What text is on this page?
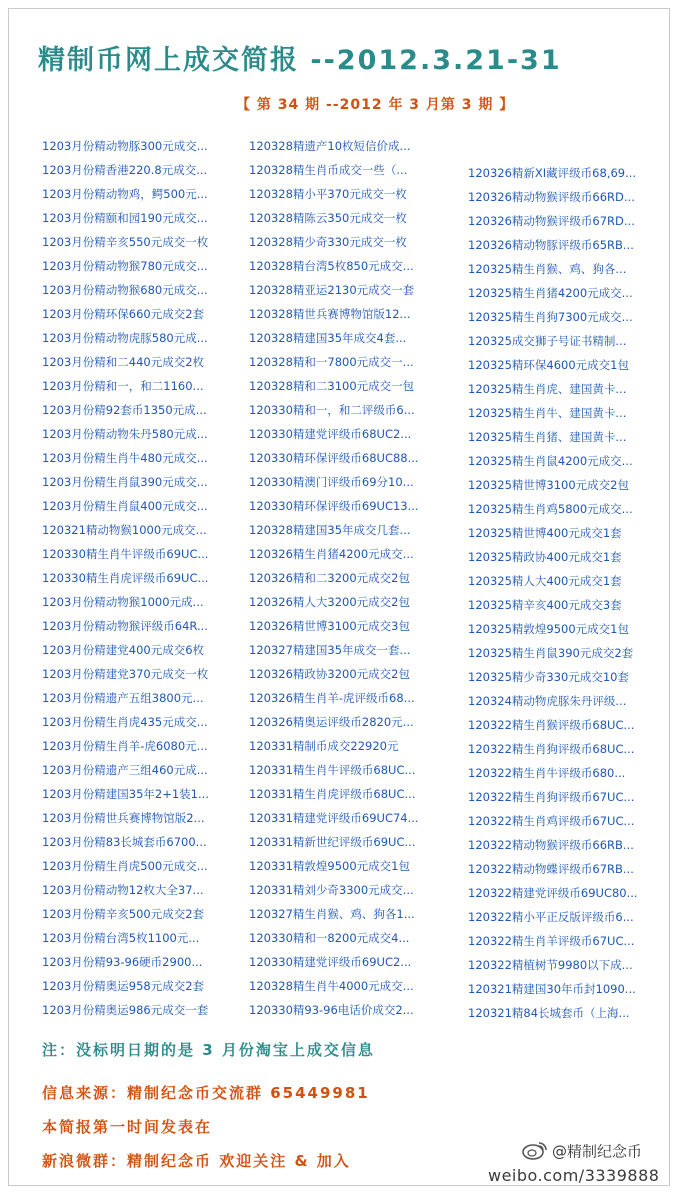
精制币网上成交简报 --2012.3.21-31
【 第 34 期 --2012 年 3 月第 3 期 】
1203月份精动物豚300元成交...
1203月份精香港220.8元成交...
1203月份精动物鸡，鳄500元...
1203月份精颐和园190元成交...
1203月份精辛亥550元成交一枚
1203月份精动物猴780元成交...
1203月份精动物猴680元成交...
1203月份精环保660元成交2套
1203月份精动物虎豚580元成...
1203月份精和二440元成交2枚
1203月份精和一，和二1160...
1203月份精92套币1350元成...
1203月份精动物朱丹580元成...
1203月份精生肖牛480元成交...
1203月份精生肖鼠390元成交...
1203月份精生肖鼠400元成交...
120321精动物猴1000元成交...
120330精生肖牛评级币69UC...
120330精生肖虎评级币69UC...
1203月份精动物猴1000元成...
1203月份精动物猴评级币64R...
1203月份精建党400元成交6枚
1203月份精建党370元成交一枚
1203月份精遗产五组3800元...
1203月份精生肖虎435元成交...
1203月份精生肖羊-虎6080元...
1203月份精遗产三组460元成...
1203月份精建国35年2+1装1...
1203月份精世兵赛博物馆版2...
1203月份精83长城套币6700...
1203月份精生肖虎500元成交...
1203月份精动物12枚大全37...
1203月份精辛亥500元成交2套
1203月份精台湾5枚1100元...
1203月份精93-96硬币2900...
1203月份精奥运958元成交2套
1203月份精奥运986元成交一套
120328精遗产10枚短信价成...
120328精生肖币成交一些（...
120328精小平370元成交一枚
120328精陈云350元成交一枚
120328精少奇330元成交一枚
120328精台湾5枚850元成交...
120328精亚运2130元成交一套
120328精世兵赛博物馆版12...
120328精建国35年成交4套...
120328精和一7800元成交一...
120328精和二3100元成交一包
120330精和一，和二评级币6...
120330精建党评级币68UC2...
120330精环保评级币68UC88...
120330精澳门评级币69分10...
120330精环保评级币69UC13...
120328精建国35年成交几套...
120326精生肖猪4200元成交...
120326精和二3200元成交2包
120326精人大3200元成交2包
120326精世博3100元成交3包
120327精建国35年成交一套...
120326精政协3200元成交2包
120326精生肖羊-虎评级币68...
120326精奥运评级币2820元...
120331精制币成交22920元
120331精生肖牛评级币68UC...
120331精生肖虎评级币68UC...
120331精建党评级币69UC74...
120331精新世纪评级币69UC...
120331精敦煌9500元成交1包
120331精刘少奇3300元成交...
120327精生肖猴、鸡、狗各1...
120330精和一8200元成交4...
120330精建党评级币69UC2...
120328精生肖牛4000元成交...
120330精93-96电话价成交2...
120326精新XI藏评级币68,69...
120326精动物猴评级币66RD...
120326精动物猴评级币67RD...
120326精动物豚评级币65RB...
120325精生肖猴、鸡、狗各...
120325精生肖猪4200元成交...
120325精生肖狗7300元成交...
120325成交狮子号证书精制...
120325精环保4600元成交1包
120325精生肖虎、建国黄卡...
120325精生肖牛、建国黄卡...
120325精生肖猪、建国黄卡...
120325精生肖鼠4200元成交...
120325精世博3100元成交2包
120325精生肖鸡5800元成交...
120325精世博400元成交1套
120325精政协400元成交1套
120325精人大400元成交1套
120325精辛亥400元成交3套
120325精敦煌9500元成交1包
120325精生肖鼠390元成交2套
120325精少奇330元成交10套
120324精动物虎豚朱丹评级...
120322精生肖猴评级币68UC...
120322精生肖狗评级币68UC...
120322精生肖牛评级币680...
120322精生肖狗评级币67UC...
120322精生肖鸡评级币67UC...
120322精动物猴评级币66RB...
120322精动物蝶评级币67RB...
120322精建党评级币69UC80...
120322精小平正反版评级币6...
120322精生肖羊评级币67UC...
120322精植树节9980以下成...
120321精建国30年币封1090...
120321精84长城套币（上海...
注：没标明日期的是 3 月份淘宝上成交信息
信息来源：精制纪念币交流群 65449981
本简报第一时间发表在
新浪微群：精制纪念币 欢迎关注 & 加入
@精制纪念币
weibo.com/3339888
